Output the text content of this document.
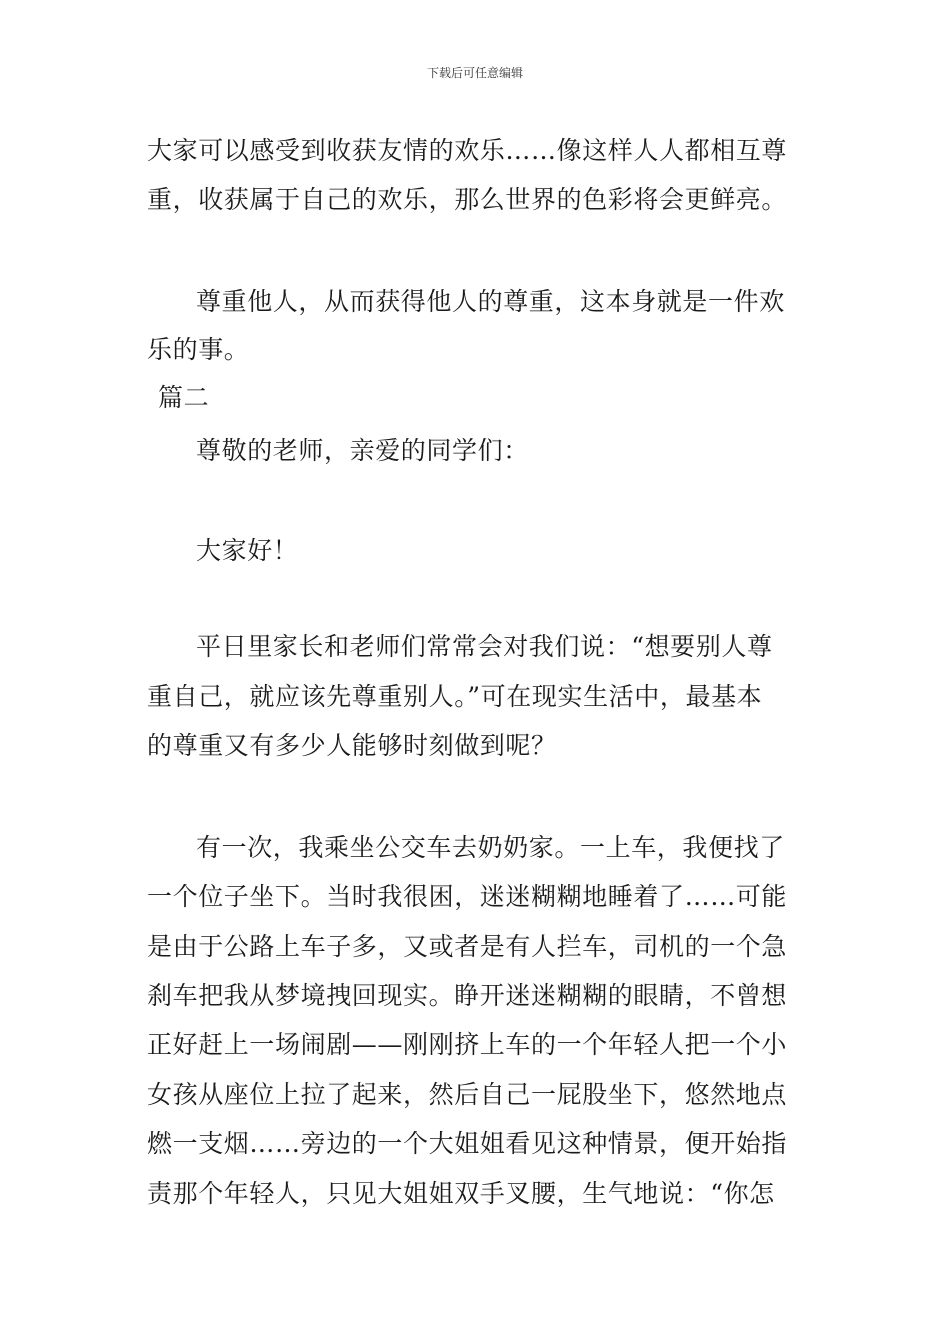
下载后可任意编辑
大家可以感受到收获友情的欢乐……像这样人人都相互尊
重，收获属于自己的欢乐，那么世界的色彩将会更鲜亮。
尊重他人，从而获得他人的尊重，这本身就是一件欢
乐的事。
篇二
尊敬的老师，亲爱的同学们：
大家好！
平日里家长和老师们常常会对我们说：“想要别人尊
重自己，就应该先尊重别人。”可在现实生活中，最基本
的尊重又有多少人能够时刻做到呢？
有一次，我乘坐公交车去奶奶家。一上车，我便找了
一个位子坐下。当时我很困，迷迷糊糊地睡着了……可能
是由于公路上车子多，又或者是有人拦车，司机的一个急
刹车把我从梦境拽回现实。睁开迷迷糊糊的眼睛，不曾想
正好赶上一场闹剧——刚刚挤上车的一个年轻人把一个小
女孩从座位上拉了起来，然后自己一屁股坐下，悠然地点
燃一支烟……旁边的一个大姐姐看见这种情景，便开始指
责那个年轻人，只见大姐姐双手叉腰，生气地说：“你怎
